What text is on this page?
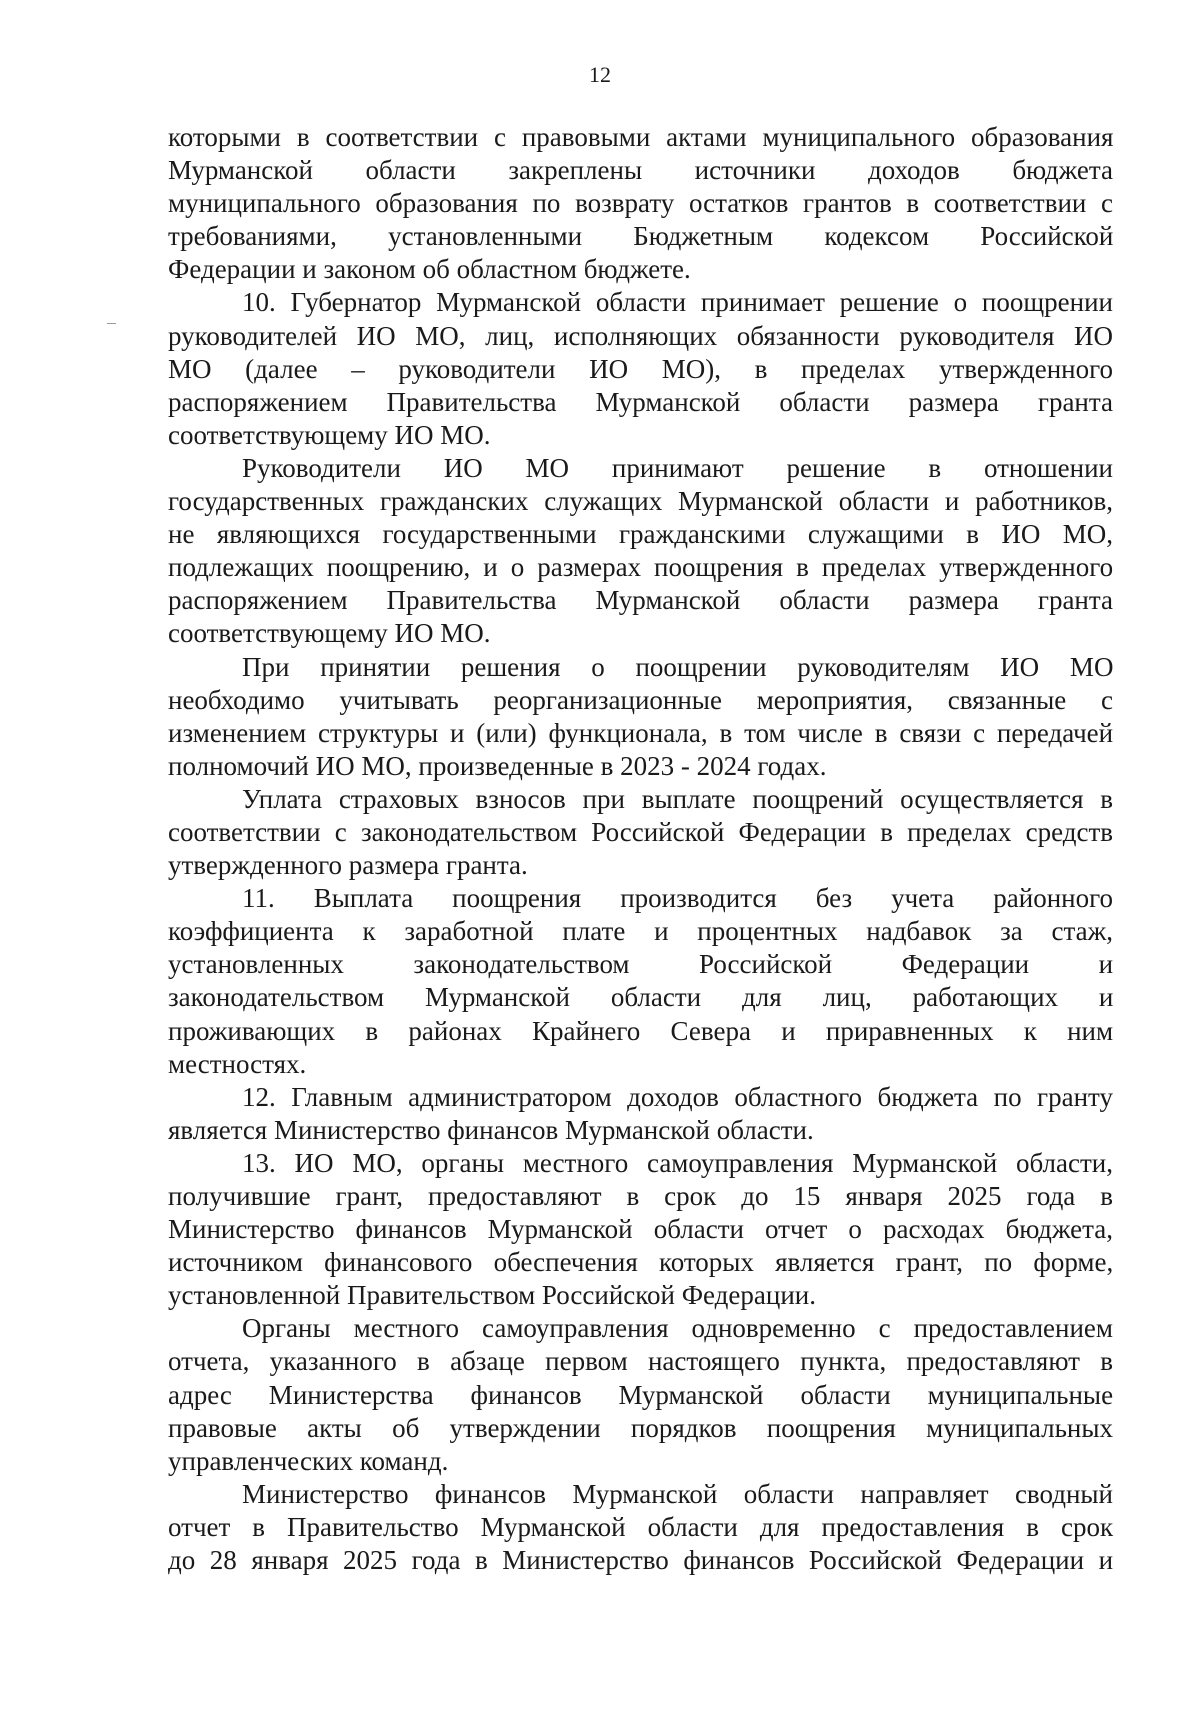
12
которыми в соответствии с правовыми актами муниципального образования
Мурманской области закреплены источники доходов бюджета
муниципального образования по возврату остатков грантов в соответствии с
требованиями, установленными Бюджетным кодексом Российской
Федерации и законом об областном бюджете.
10. Губернатор Мурманской области принимает решение о поощрении
руководителей ИО МО, лиц, исполняющих обязанности руководителя ИО
МО (далее – руководители ИО МО), в пределах утвержденного
распоряжением Правительства Мурманской области размера гранта
соответствующему ИО МО.
Руководители ИО МО принимают решение в отношении
государственных гражданских служащих Мурманской области и работников,
не являющихся государственными гражданскими служащими в ИО МО,
подлежащих поощрению, и о размерах поощрения в пределах утвержденного
распоряжением Правительства Мурманской области размера гранта
соответствующему ИО МО.
При принятии решения о поощрении руководителям ИО МО
необходимо учитывать реорганизационные мероприятия, связанные с
изменением структуры и (или) функционала, в том числе в связи с передачей
полномочий ИО МО, произведенные в 2023 - 2024 годах.
Уплата страховых взносов при выплате поощрений осуществляется в
соответствии с законодательством Российской Федерации в пределах средств
утвержденного размера гранта.
11. Выплата поощрения производится без учета районного
коэффициента к заработной плате и процентных надбавок за стаж,
установленных законодательством Российской Федерации и
законодательством Мурманской области для лиц, работающих и
проживающих в районах Крайнего Севера и приравненных к ним
местностях.
12. Главным администратором доходов областного бюджета по гранту
является Министерство финансов Мурманской области.
13. ИО МО, органы местного самоуправления Мурманской области,
получившие грант, предоставляют в срок до 15 января 2025 года в
Министерство финансов Мурманской области отчет о расходах бюджета,
источником финансового обеспечения которых является грант, по форме,
установленной Правительством Российской Федерации.
Органы местного самоуправления одновременно с предоставлением
отчета, указанного в абзаце первом настоящего пункта, предоставляют в
адрес Министерства финансов Мурманской области муниципальные
правовые акты об утверждении порядков поощрения муниципальных
управленческих команд.
Министерство финансов Мурманской области направляет сводный
отчет в Правительство Мурманской области для предоставления в срок
до 28 января 2025 года в Министерство финансов Российской Федерации и
